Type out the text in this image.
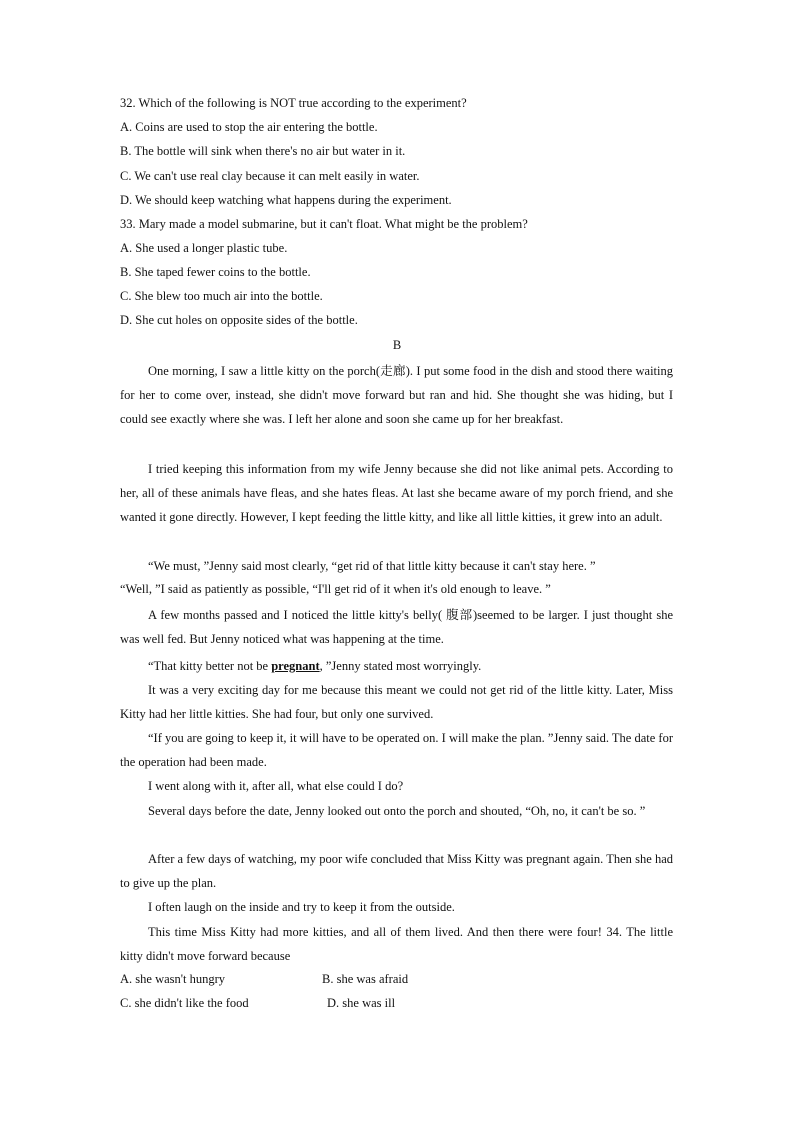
32. Which of the following is NOT true according to the experiment?
A. Coins are used to stop the air entering the bottle.
B. The bottle will sink when there's no air but water in it.
C. We can't use real clay because it can melt easily in water.
D. We should keep watching what happens during the experiment.
33. Mary made a model submarine, but it can't float. What might be the problem?
A. She used a longer plastic tube.
B. She taped fewer coins to the bottle.
C. She blew too much air into the bottle.
D. She cut holes on opposite sides of the bottle.
B
One morning, I saw a little kitty on the porch(走廊). I put some food in the dish and stood there waiting for her to come over, instead, she didn't move forward but ran and hid. She thought she was hiding, but I could see exactly where she was. I left her alone and soon she came up for her breakfast.
I tried keeping this information from my wife Jenny because she did not like animal pets. According to her, all of these animals have fleas, and she hates fleas. At last she became aware of my porch friend, and she wanted it gone directly. However, I kept feeding the little kitty, and like all little kitties, it grew into an adult.
“We must, ”Jenny said most clearly, “get rid of that little kitty because it can't stay here. ”
“Well, ”I said as patiently as possible, “I'll get rid of it when it's old enough to leave. ”
A few months passed and I noticed the little kitty's belly( 腹部)seemed to be larger. I just thought she was well fed. But Jenny noticed what was happening at the time.
“That kitty better not be pregnant, ”Jenny stated most worryingly.
It was a very exciting day for me because this meant we could not get rid of the little kitty. Later, Miss Kitty had her little kitties. She had four, but only one survived.
“If you are going to keep it, it will have to be operated on. I will make the plan. ”Jenny said. The date for the operation had been made.
I went along with it, after all, what else could I do?
Several days before the date, Jenny looked out onto the porch and shouted, “Oh, no, it can't be so. ”
After a few days of watching, my poor wife concluded that Miss Kitty was pregnant again. Then she had to give up the plan.
I often laugh on the inside and try to keep it from the outside.
This time Miss Kitty had more kitties, and all of them lived. And then there were four! 34. The little kitty didn't move forward because
A. she wasn't hungry	B. she was afraid
C. she didn't like the food	D. she was ill
